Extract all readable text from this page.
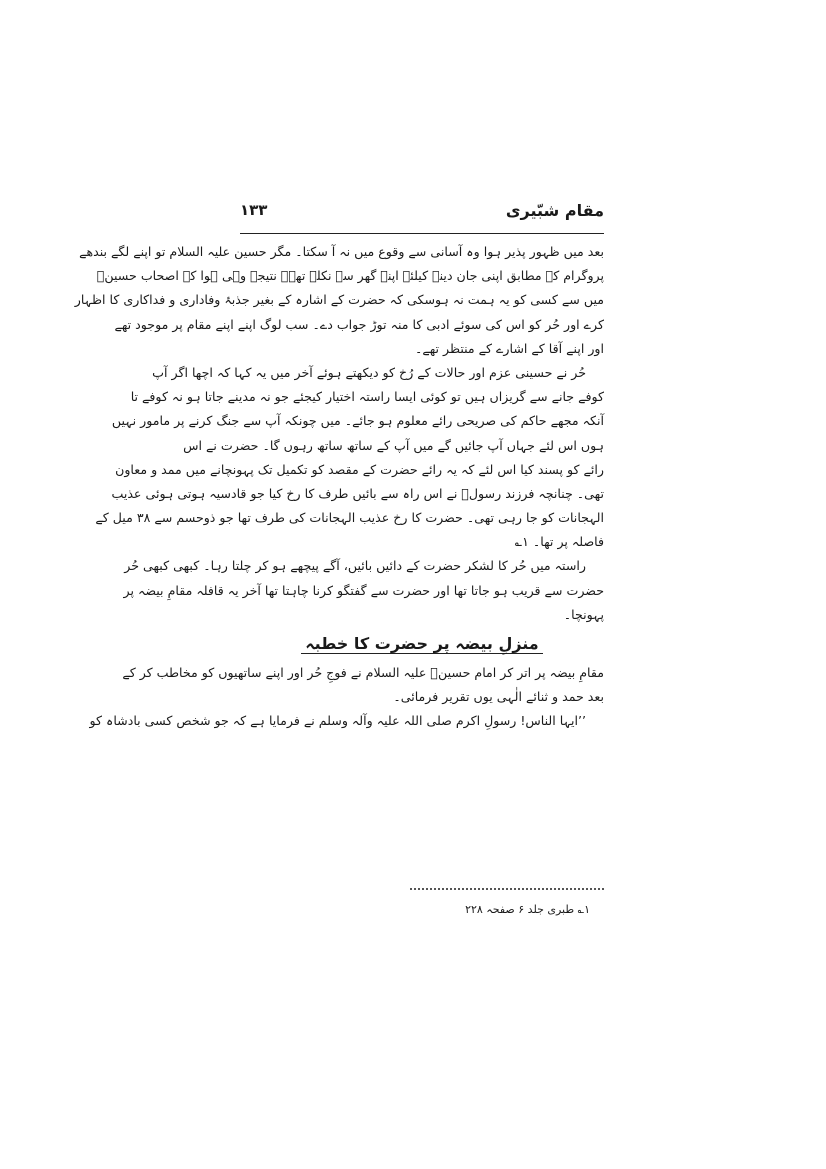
مقام شبّیری
۱۳۳
بعد میں ظہور پذیر ہوا وہ آسانی سے وقوع میں نہ آ سکتا۔ مگر حسین علیہ السلام تو اپنے لگے بندھے
پروگرام کے مطابق اپنی جان دینے کیلئے اپنے گھر سے نکلے تھے۔ نتیجہ وہی ہوا کہ اصحاب حسینؑ
میں سے کسی کو یہ ہمت نہ ہوسکی کہ حضرت کے اشارہ کے بغیر جذبۂ وفاداری و فداکاری کا اظہار
کرے اور حُر کو اس کی سوئے ادبی کا منہ توڑ جواب دے۔ سب لوگ اپنے اپنے مقام پر موجود تھے
اور اپنے آقا کے اشارے کے منتظر تھے۔
حُر نے حسینی عزم اور حالات کے رُخ کو دیکھتے ہوئے آخر میں یہ کہا کہ اچھا اگر آپ
کوفے جانے سے گریزاں ہیں تو کوئی ایسا راستہ اختیار کیجئے جو نہ مدینے جاتا ہو نہ کوفے تا
آنکہ مجھے حاکم کی صریحی رائے معلوم ہو جائے۔ میں چونکہ آپ سے جنگ کرنے پر مامور نہیں
ہوں اس لئے جہاں آپ جائیں گے میں آپ کے ساتھ ساتھ رہوں گا۔ حضرت نے اس
رائے کو پسند کیا اس لئے کہ یہ رائے حضرت کے مقصد کو تکمیل تک پہونچانے میں ممد و معاون
تھی۔ چنانچہ فرزند رسولؐ نے اس راہ سے بائیں طرف کا رخ کیا جو قادسیہ ہوتی ہوئی عذیب
الہجانات کو جا رہی تھی۔ حضرت کا رخ عذیب الہجانات کی طرف تھا جو ذوحسم سے ۳۸ میل کے
فاصلہ پر تھا۔ ۱؎
راستہ میں حُر کا لشکر حضرت کے دائیں بائیں، آگے پیچھے ہو کر چلتا رہا۔ کبھی کبھی حُر
حضرت سے قریب ہو جاتا تھا اور حضرت سے گفتگو کرنا چاہتا تھا آخر یہ قافلہ مقامِ بیضہ پر
پہونچا۔
منزلِ بیضہ پر حضرت کا خطبہ
مقامِ بیضہ پر اتر کر امام حسینؑ علیہ السلام نے فوجِ حُر اور اپنے ساتھیوں کو مخاطب کر کے
بعد حمد و ثنائے الٰہی یوں تقریر فرمائی۔
’’ایہا الناس! رسولِ اکرم صلی اللہ علیہ وآلہ وسلم نے فرمایا ہے کہ جو شخص کسی بادشاہ کو
۱؎ طبری جلد ۶ صفحہ ۲۲۸
